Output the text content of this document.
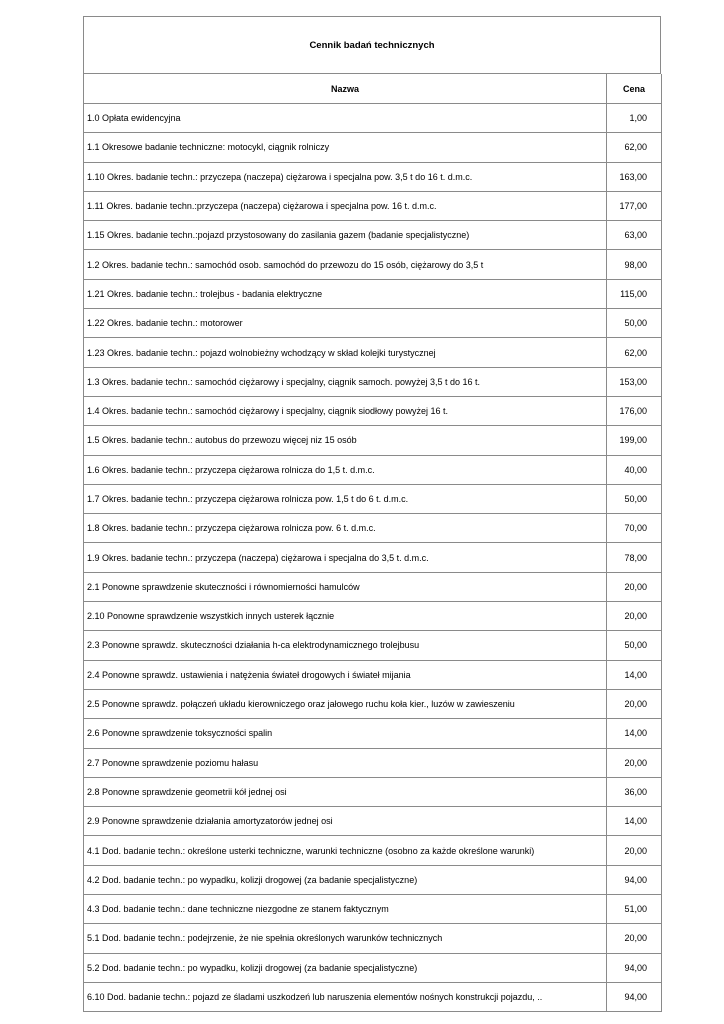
Cennik badań technicznych
Nazwa	Cena
1.0 Opłata ewidencyjna	1,00
1.1 Okresowe badanie techniczne: motocykl, ciągnik rolniczy	62,00
1.10 Okres. badanie techn.: przyczepa (naczepa) ciężarowa i specjalna pow. 3,5 t do 16 t. d.m.c.	163,00
1.11 Okres. badanie techn.:przyczepa (naczepa) ciężarowa i specjalna pow. 16 t. d.m.c.	177,00
1.15 Okres. badanie techn.:pojazd przystosowany do zasilania gazem (badanie specjalistyczne)	63,00
1.2 Okres. badanie techn.: samochód osob. samochód do przewozu do 15 osób, ciężarowy do 3,5 t	98,00
1.21 Okres. badanie techn.: trolejbus - badania elektryczne	115,00
1.22 Okres. badanie techn.: motorower	50,00
1.23 Okres. badanie techn.: pojazd wolnobieżny wchodzący w skład kolejki turystycznej	62,00
1.3 Okres. badanie techn.: samochód ciężarowy i specjalny, ciągnik samoch. powyżej 3,5 t do 16 t.	153,00
1.4 Okres. badanie techn.: samochód ciężarowy i specjalny, ciągnik siodłowy powyżej 16 t.	176,00
1.5 Okres. badanie techn.: autobus do przewozu więcej niz 15 osób	199,00
1.6 Okres. badanie techn.: przyczepa ciężarowa rolnicza do 1,5 t. d.m.c.	40,00
1.7 Okres. badanie techn.: przyczepa ciężarowa rolnicza pow. 1,5 t do 6 t. d.m.c.	50,00
1.8 Okres. badanie techn.: przyczepa ciężarowa rolnicza pow. 6 t. d.m.c.	70,00
1.9 Okres. badanie techn.: przyczepa (naczepa) ciężarowa i specjalna do 3,5 t. d.m.c.	78,00
2.1 Ponowne sprawdzenie skuteczności i równomierności hamulców	20,00
2.10 Ponowne sprawdzenie wszystkich innych usterek łącznie	20,00
2.3 Ponowne sprawdz. skuteczności działania h-ca elektrodynamicznego trolejbusu	50,00
2.4 Ponowne sprawdz. ustawienia i natężenia świateł drogowych i świateł mijania	14,00
2.5 Ponowne sprawdz. połączeń układu kierowniczego oraz jałowego ruchu koła kier., luzów w zawieszeniu	20,00
2.6 Ponowne sprawdzenie toksyczności spalin	14,00
2.7 Ponowne sprawdzenie poziomu hałasu	20,00
2.8 Ponowne sprawdzenie geometrii kół jednej osi	36,00
2.9 Ponowne sprawdzenie działania amortyzatorów jednej osi	14,00
4.1 Dod. badanie techn.: określone usterki techniczne, warunki techniczne (osobno za każde określone warunki)	20,00
4.2 Dod. badanie techn.: po wypadku, kolizji drogowej (za badanie specjalistyczne)	94,00
4.3 Dod. badanie techn.: dane techniczne niezgodne ze stanem faktycznym	51,00
5.1 Dod. badanie techn.: podejrzenie, że nie spełnia określonych warunków technicznych	20,00
5.2 Dod. badanie techn.: po wypadku, kolizji drogowej (za badanie specjalistyczne)	94,00
6.10 Dod. badanie techn.: pojazd ze śladami uszkodzeń lub naruszenia elementów nośnych konstrukcji pojazdu, ..	94,00
